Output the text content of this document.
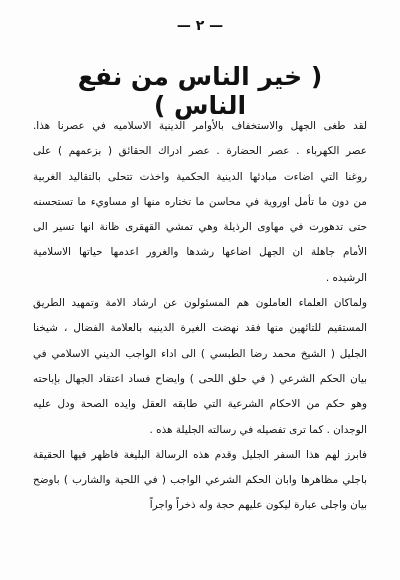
— ٢ —
( خير الناس من نفع الناس )

لقد طغى الجهل والاستخفاف بالأوامر الدينية الاسلاميه في عصرنا هذا.
عصر الكهرباء . عصر الحضارة . عصر ادراك الحقائق ( بزعمهم ) على
روغنا التي اضاءت مبادئها الدينية الحكمية واخذت تتحلى بالتقاليد الغربية
من دون ما تأمل اوروية في محاسن ما تختاره منها او مساويء ما تستحسنه
حتى تدهورت في مهاوى الرذيلة وهي تمشي القهقرى ظانة انها تسير الى
الأمام جاهلة ان الجهل اضاعها رشدها والغرور اعدمها حياتها الاسلامية
الرشيده .

ولماكان العلماء العاملون هم المسئولون عن ارشاد الامة وتمهيد الطريق
المستقيم للتائهين منها فقد نهضت الغيرة الدينيه بالعلامة الفضال ، شيخنا
الجليل ( الشيخ محمد رضا الطبسي ) الى اداء الواجب الديني الاسلامي في
بيان الحكم الشرعي ( في حلق اللحى ) وايضاح فساد اعتقاد الجهال بإباحته
وهو حكم من الاحكام الشرعية التي طابقه العقل وايده الصحة ودل عليه
الوجدان . كما ترى تفصيله في رسالته الجليلة هذه .

فابرز لهم هذا السفر الجليل وقدم هذه الرسالة البليغة فاظهر فيها الحقيقة
باجلي مظاهرها وابان الحكم الشرعي الواجب ( في اللحية والشارب ) باوضح
بيان واجلى عبارة ليكون عليهم حجة وله ذخراً واجراً
